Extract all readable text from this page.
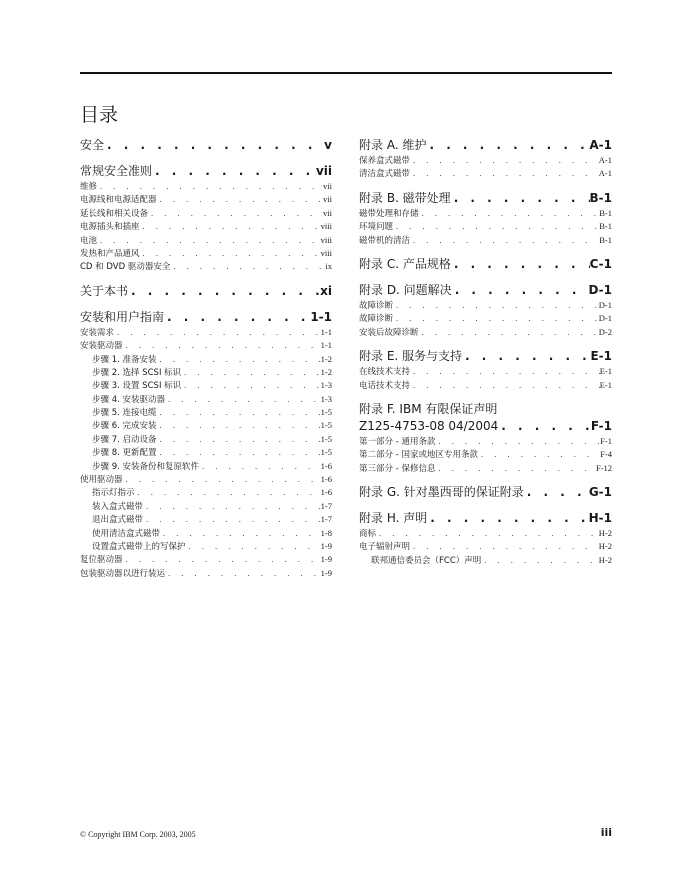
目录
安全 . . .	v
常规安全准则 . . .	vii
维修 . . .	vii
电源线和电源适配器 . . .	vii
延长线和相关设备 . . .	vii
电源插头和插座 . . .	viii
电池 . . .	viii
发热和产品通风 . . .	viii
CD 和 DVD 驱动器安全 . . .	ix
关于本书 . . .	xi
安装和用户指南 . . .	1-1
安装需求 . . .	1-1
安装驱动器 . . .	1-1
步骤 1. 准备安装 . . .	1-2
步骤 2. 选择 SCSI 标识 . . .	1-2
步骤 3. 设置 SCSI 标识 . . .	1-3
步骤 4. 安装驱动器 . . .	1-3
步骤 5. 连接电缆 . . .	1-5
步骤 6. 完成安装 . . .	1-5
步骤 7. 启动设备 . . .	1-5
步骤 8. 更新配置 . . .	1-5
步骤 9. 安装备份和复原软件 . . .	1-6
使用驱动器 . . .	1-6
指示灯指示 . . .	1-6
装入盒式磁带 . . .	1-7
退出盒式磁带 . . .	1-7
使用清洁盒式磁带 . . .	1-8
设置盒式磁带上的写保护 . . .	1-9
复位驱动器 . . .	1-9
包装驱动器以进行装运 . . .	1-9
附录 A. 维护 . . .	A-1
保养盒式磁带 . . .	A-1
清洁盒式磁带 . . .	A-1
附录 B. 磁带处理 . . .	B-1
磁带处理和存储 . . .	B-1
环境问题 . . .	B-1
磁带机的清洁 . . .	B-1
附录 C. 产品规格 . . .	C-1
附录 D. 问题解决 . . .	D-1
故障诊断 . . .	D-1
故障诊断 . . .	D-1
安装后故障诊断 . . .	D-2
附录 E. 服务与支持 . . .	E-1
在线技术支持 . . .	E-1
电话技术支持 . . .	E-1
附录 F. IBM 有限保证声明
Z125-4753-08 04/2004 . . .	F-1
第一部分 - 通用条款 . . .	F-1
第二部分 - 国家或地区专用条款 . . .	F-4
第三部分 - 保修信息 . . .	F-12
附录 G. 针对墨西哥的保证附录 . . .	G-1
附录 H. 声明 . . .	H-1
商标 . . .	H-2
电子辐射声明 . . .	H-2
联邦通信委员会（FCC）声明 . . .	H-2
© Copyright IBM Corp. 2003, 2005	iii
